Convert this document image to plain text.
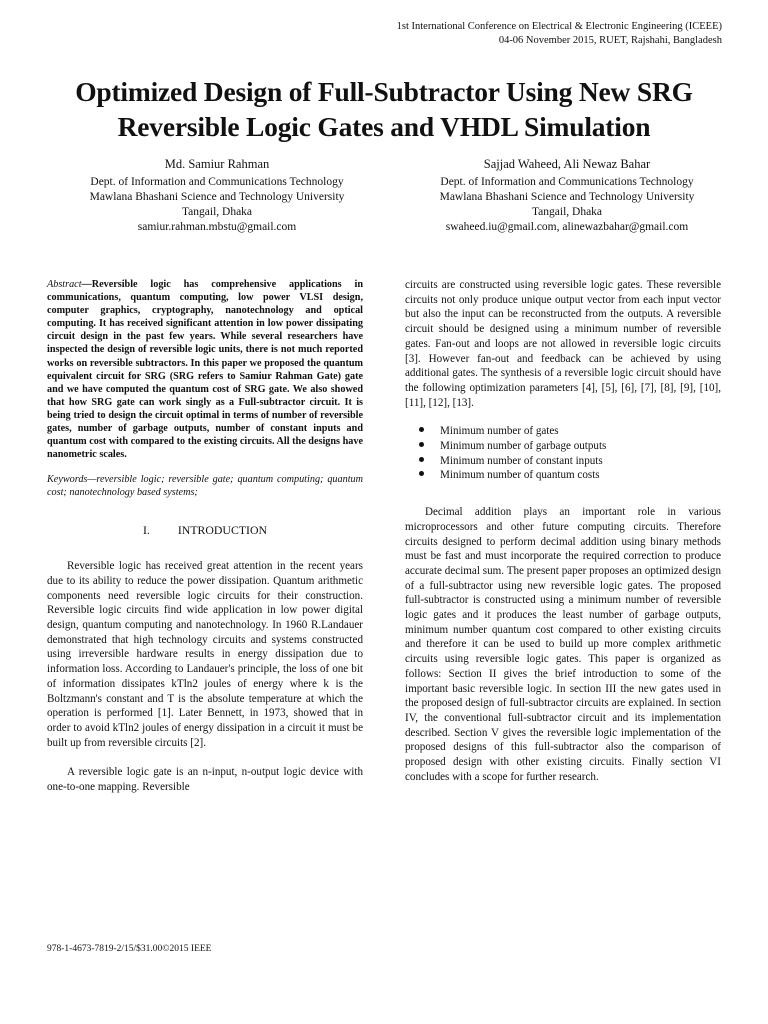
1st International Conference on Electrical & Electronic Engineering (ICEEE)
04-06 November 2015, RUET, Rajshahi, Bangladesh
Optimized Design of Full-Subtractor Using New SRG
Reversible Logic Gates and VHDL Simulation
Md. Samiur Rahman
Dept. of Information and Communications Technology
Mawlana Bhashani Science and Technology University
Tangail, Dhaka
samiur.rahman.mbstu@gmail.com
Sajjad Waheed, Ali Newaz Bahar
Dept. of Information and Communications Technology
Mawlana Bhashani Science and Technology University
Tangail, Dhaka
swaheed.iu@gmail.com, alinewazbahar@gmail.com
Abstract—Reversible logic has comprehensive applications in communications, quantum computing, low power VLSI design, computer graphics, cryptography, nanotechnology and optical computing. It has received significant attention in low power dissipating circuit design in the past few years. While several researchers have inspected the design of reversible logic units, there is not much reported works on reversible subtractors. In this paper we proposed the quantum equivalent circuit for SRG (SRG refers to Samiur Rahman Gate) gate and we have computed the quantum cost of SRG gate. We also showed that how SRG gate can work singly as a Full-subtractor circuit. It is being tried to design the circuit optimal in terms of number of reversible gates, number of garbage outputs, number of constant inputs and quantum cost with compared to the existing circuits. All the designs have nanometric scales.
Keywords—reversible logic; reversible gate; quantum computing; quantum cost; nanotechnology based systems;
I. INTRODUCTION

Reversible logic has received great attention in the recent years due to its ability to reduce the power dissipation. Quantum arithmetic components need reversible logic circuits for their construction. Reversible logic circuits find wide application in low power digital design, quantum computing and nanotechnology. In 1960 R.Landauer demonstrated that high technology circuits and systems constructed using irreversible hardware results in energy dissipation due to information loss. According to Landauer's principle, the loss of one bit of information dissipates kTln2 joules of energy where k is the Boltzmann's constant and T is the absolute temperature at which the operation is performed [1]. Later Bennett, in 1973, showed that in order to avoid kTln2 joules of energy dissipation in a circuit it must be built up from reversible circuits [2].

A reversible logic gate is an n-input, n-output logic device with one-to-one mapping. Reversible

circuits are constructed using reversible logic gates. These reversible circuits not only produce unique output vector from each input vector but also the input can be reconstructed from the outputs. A reversible circuit should be designed using a minimum number of reversible gates. Fan-out and loops are not allowed in reversible logic circuits [3]. However fan-out and feedback can be achieved by using additional gates. The synthesis of a reversible logic circuit should have the following optimization parameters [4], [5], [6], [7], [8], [9], [10], [11], [12], [13].

Minimum number of gates
Minimum number of garbage outputs
Minimum number of constant inputs
Minimum number of quantum costs

Decimal addition plays an important role in various microprocessors and other future computing circuits. Therefore circuits designed to perform decimal addition using binary methods must be fast and must incorporate the required correction to produce accurate decimal sum. The present paper proposes an optimized design of a full-subtractor using new reversible logic gates. The proposed full-subtractor is constructed using a minimum number of reversible logic gates and it produces the least number of garbage outputs, minimum number quantum cost compared to other existing circuits and therefore it can be used to build up more complex arithmetic circuits using reversible logic gates. This paper is organized as follows: Section II gives the brief introduction to some of the important basic reversible logic. In section III the new gates used in the proposed design of full-subtractor circuits are explained. In section IV, the conventional full-subtractor circuit and its implementation described. Section V gives the reversible logic implementation of the proposed designs of this full-subtractor also the comparison of proposed design with other existing circuits. Finally section VI concludes with a scope for further research.

978-1-4673-7819-2/15/$31.00©2015 IEEE
